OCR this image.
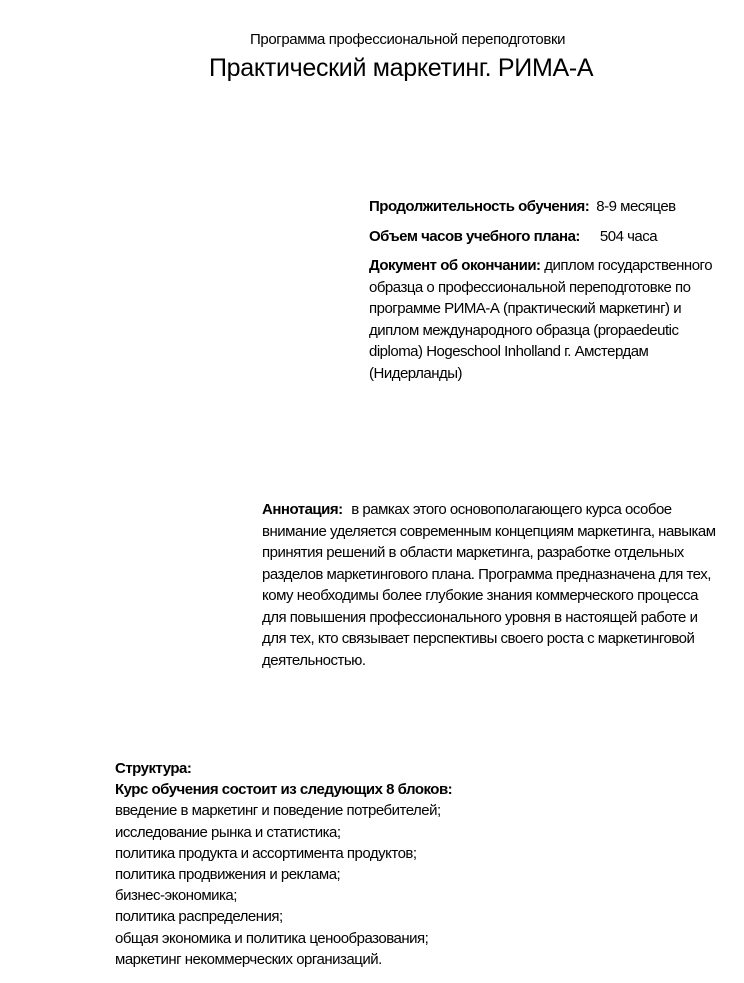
Программа профессиональной переподготовки
Практический маркетинг. РИМА-А
Продолжительность обучения: 8-9 месяцев
Объем часов учебного плана: 504 часа
Документ об окончании: диплом государственного образца о профессиональной переподготовке по программе РИМА-А (практический маркетинг) и
диплом международного образца (propaedeutic diploma) Hogeschool Inholland г. Амстердам (Нидерланды)
Аннотация: в рамках этого основополагающего курса особое внимание уделяется современным концепциям маркетинга, навыкам принятия решений в области маркетинга, разработке отдельных разделов маркетингового плана. Программа предназначена для тех, кому необходимы более глубокие знания коммерческого процесса для повышения профессионального уровня в настоящей работе и для тех, кто связывает перспективы своего роста с маркетинговой деятельностью.
Структура:
Курс обучения состоит из следующих 8 блоков:
введение в маркетинг и поведение потребителей;
исследование рынка и статистика;
политика продукта и ассортимента продуктов;
политика продвижения и реклама;
бизнес-экономика;
политика распределения;
общая экономика и политика ценообразования;
маркетинг некоммерческих организаций.
